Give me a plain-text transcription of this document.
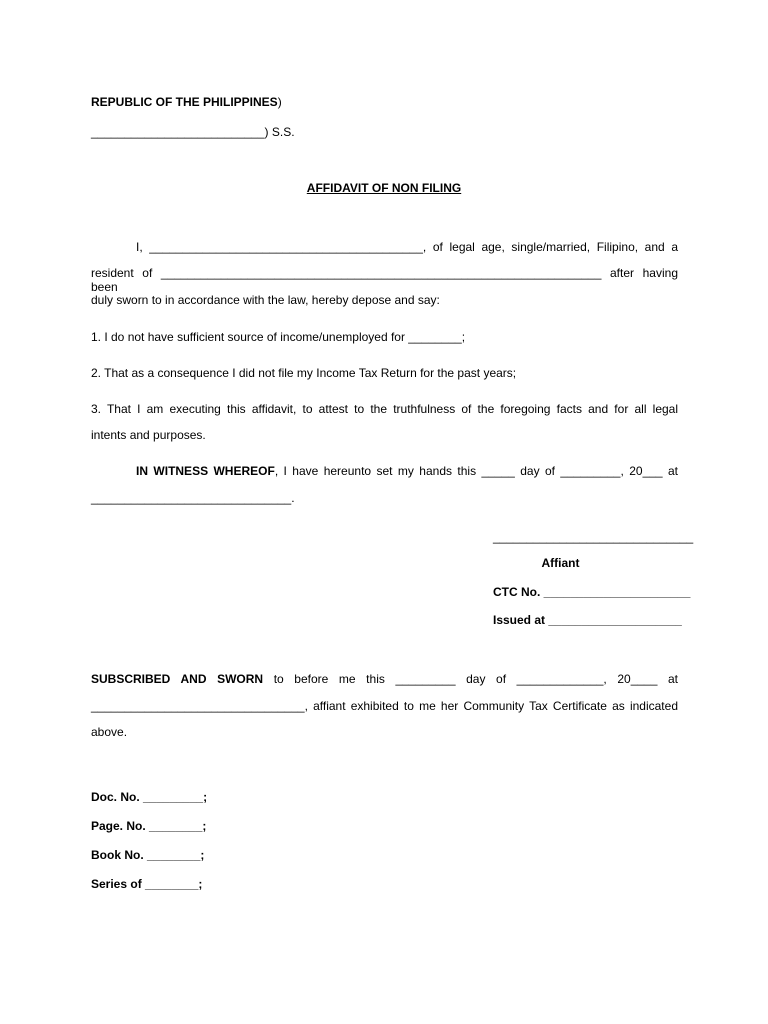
REPUBLIC OF THE PHILIPPINES)
__________________________) S.S.
AFFIDAVIT OF NON FILING
I, _________________________________________, of legal age, single/married, Filipino, and a
resident of __________________________________________________________________ after having been
duly sworn to in accordance with the law, hereby depose and say:
1. I do not have sufficient source of income/unemployed for ________;
2. That as a consequence I did not file my Income Tax Return for the past years;
3. That I am executing this affidavit, to attest to the truthfulness of the foregoing facts and for all legal
intents and purposes.
IN WITNESS WHEREOF, I have hereunto set my hands this _____ day of _________, 20___ at
______________________________.
______________________________
Affiant
CTC No. ______________________
Issued at ____________________
SUBSCRIBED AND SWORN to before me this _________ day of _____________, 20____ at
________________________________, affiant exhibited to me her Community Tax Certificate as indicated
above.
Doc. No. _________;
Page. No. ________;
Book No. ________;
Series of ________;
